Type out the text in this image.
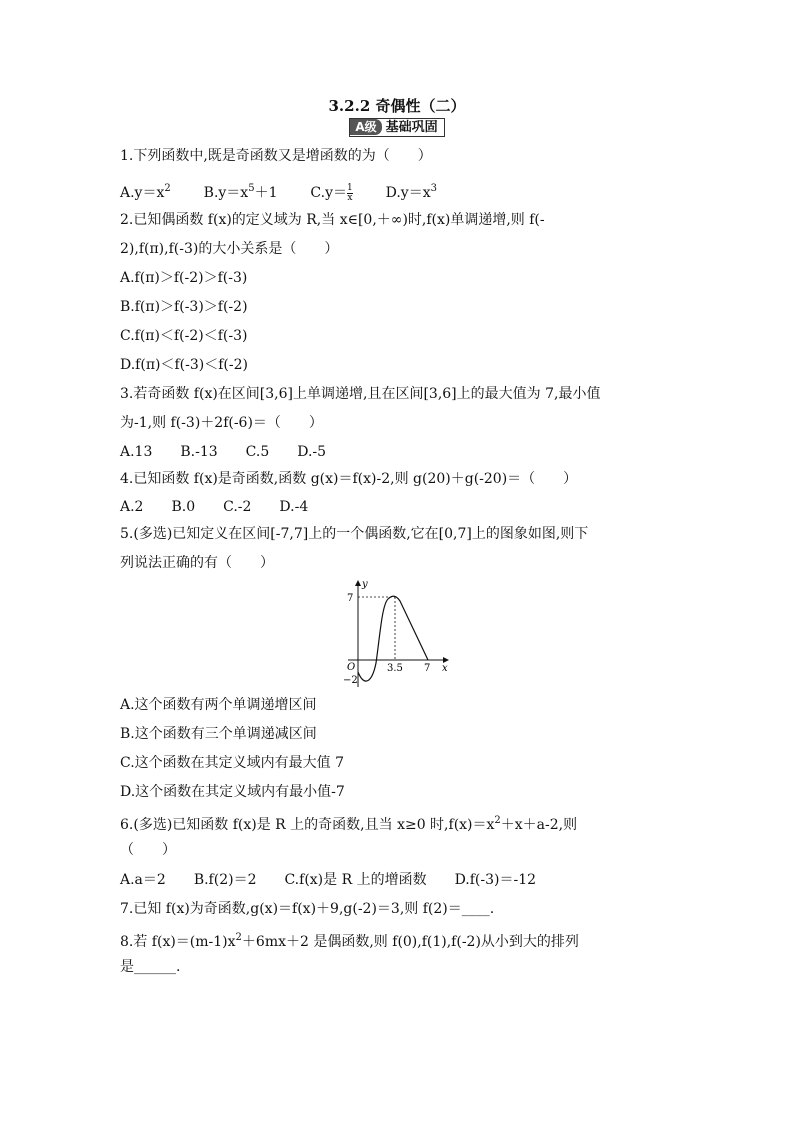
3.2.2 奇偶性（二）
A级 基础巩固
1.下列函数中,既是奇函数又是增函数的为（　　）
$A.y=x^2$ $B.y=x^5+1$ $C.y= \frac{1}{x} D.y=x^3$
2.已知偶函数 f(x)的定义域为 R,当 x∈[0,＋∞)时,f(x)单调递增,则 f(-
2),f(π),f(-3)的大小关系是（　　）
A.f(π)＞f(-2)＞f(-3)
B.f(π)＞f(-3)＞f(-2)
C.f(π)＜f(-2)＜f(-3)
D.f(π)＜f(-3)＜f(-2)
3.若奇函数 f(x)在区间[3,6]上单调递增,且在区间[3,6]上的最大值为 7,最小值
为-1,则 f(-3)＋2f(-6)＝（　　）
A.13　　B.-13　　C.5　　D.-5
4.已知函数 f(x)是奇函数,函数 g(x)＝f(x)-2,则 g(20)＋g(-20)＝（　　）
A.2　　B.0　　C.-2　　D.-4
5.(多选)已知定义在区间[-7,7]上的一个偶函数,它在[0,7]上的图象如图,则下
列说法正确的有（　　）
y
x
O
7
−2
3.5 7
A.这个函数有两个单调递增区间
B.这个函数有三个单调递减区间
C.这个函数在其定义域内有最大值 7
D.这个函数在其定义域内有最小值-7
6.(多选)已知函数 f(x)是 R 上的奇函数,且当 x≥0 时$,f(x)=x^2+x+a-2$,则
（　　）
A.a＝2　　B.f(2)＝2　　C.f(x)是 R 上的增函数　　D.f(-3)＝-12
7.已知 f(x)为奇函数,g(x)＝f(x)＋9,g(-2)＝3,则 f(2)＝____.
8.若 $f(x)=(m-1)x^2+6mx+2$ 是偶函数,则 f(0),f(1),f(-2)从小到大的排列
是______.
